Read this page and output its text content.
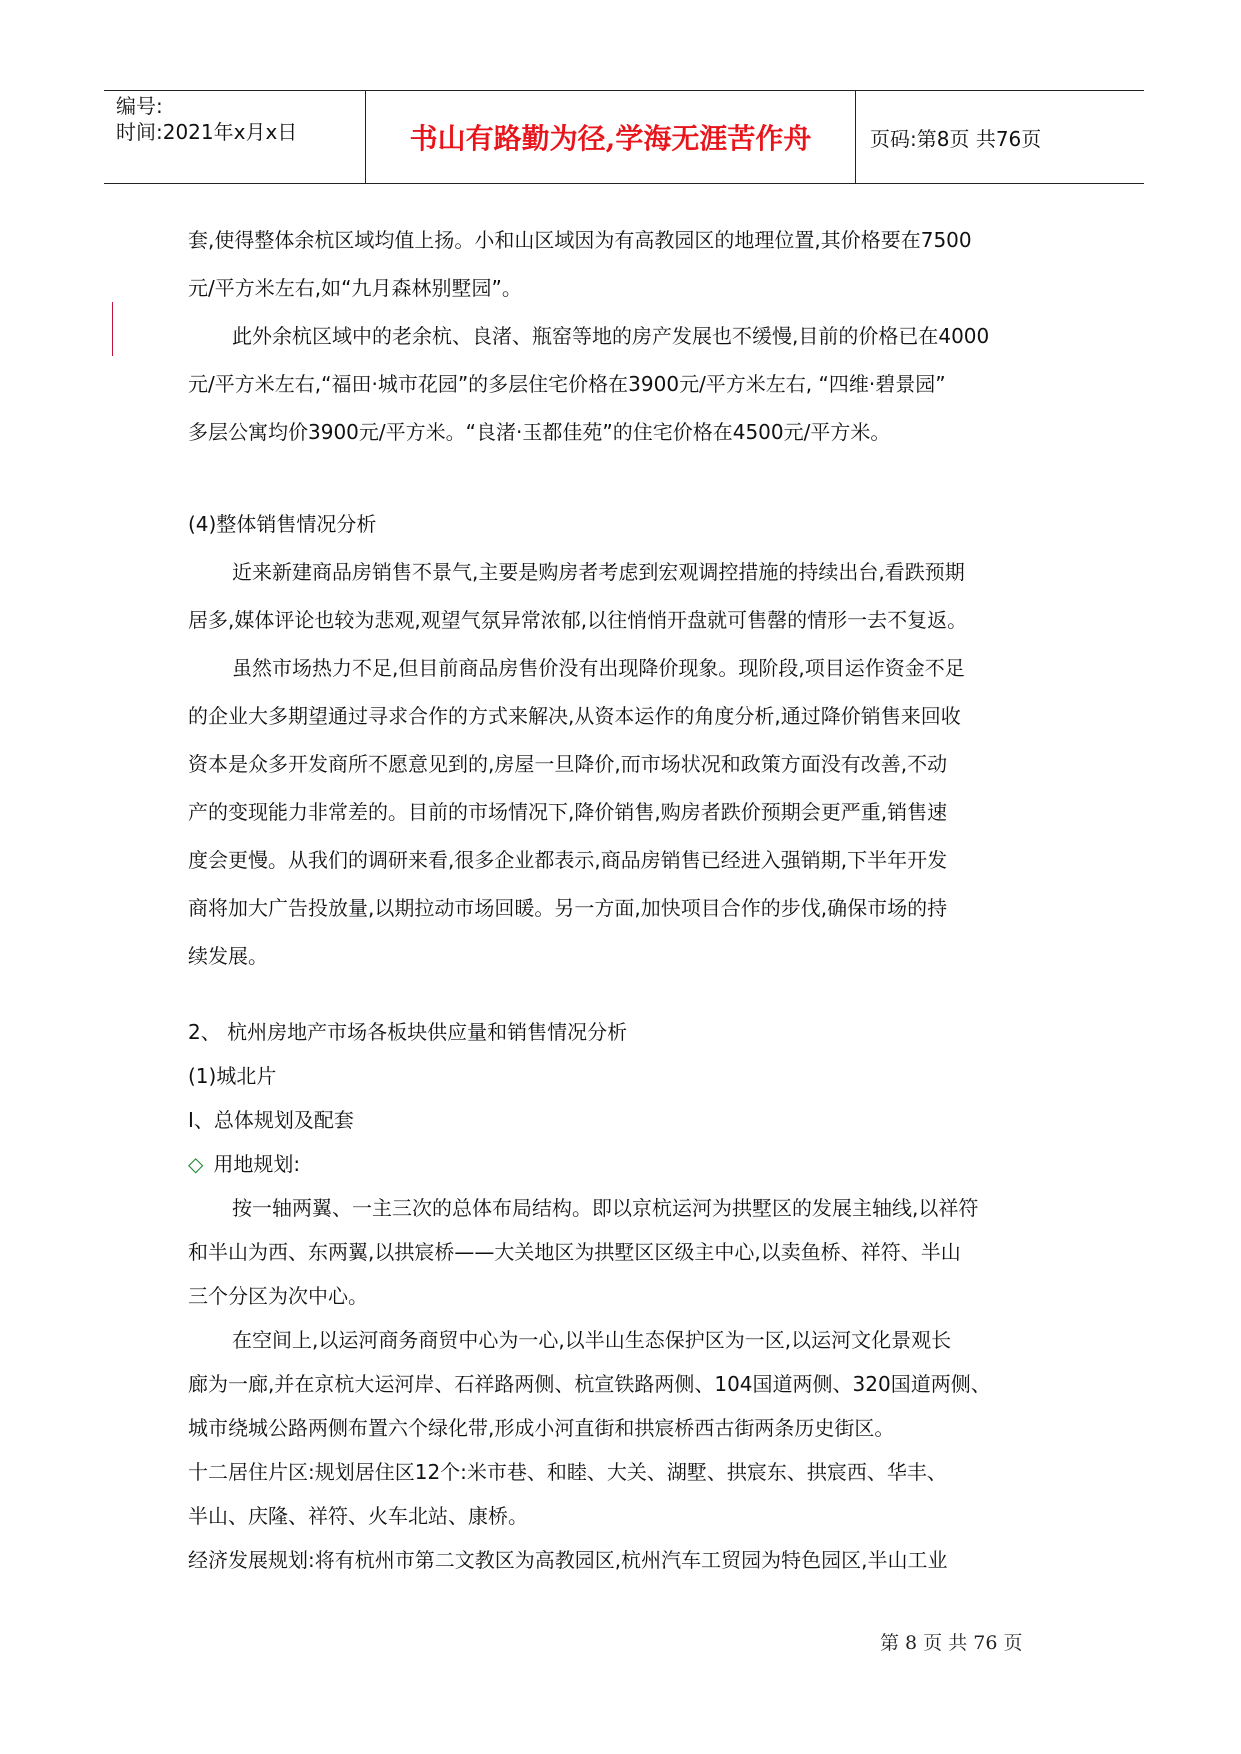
编号:
时间:2021年x月x日	书山有路勤为径,学海无涯苦作舟	页码:第8页 共76页

套,使得整体余杭区域均值上扬。小和山区域因为有高教园区的地理位置,其价格要在7500

元/平方米左右,如“九月森林别墅园”。

此外余杭区域中的老余杭、良渚、瓶窑等地的房产发展也不缓慢,目前的价格已在4000

元/平方米左右,“福田·城市花园”的多层住宅价格在3900元/平方米左右, “四维·碧景园”

多层公寓均价3900元/平方米。“良渚·玉都佳苑”的住宅价格在4500元/平方米。

(4)整体销售情况分析

近来新建商品房销售不景气,主要是购房者考虑到宏观调控措施的持续出台,看跌预期

居多,媒体评论也较为悲观,观望气氛异常浓郁,以往悄悄开盘就可售罄的情形一去不复返。

虽然市场热力不足,但目前商品房售价没有出现降价现象。现阶段,项目运作资金不足

的企业大多期望通过寻求合作的方式来解决,从资本运作的角度分析,通过降价销售来回收

资本是众多开发商所不愿意见到的,房屋一旦降价,而市场状况和政策方面没有改善,不动

产的变现能力非常差的。目前的市场情况下,降价销售,购房者跌价预期会更严重,销售速

度会更慢。从我们的调研来看,很多企业都表示,商品房销售已经进入强销期,下半年开发

商将加大广告投放量,以期拉动市场回暖。另一方面,加快项目合作的步伐,确保市场的持

续发展。

2、 杭州房地产市场各板块供应量和销售情况分析

(1)城北片

Ⅰ、总体规划及配套

◇ 用地规划:

按一轴两翼、一主三次的总体布局结构。即以京杭运河为拱墅区的发展主轴线,以祥符

和半山为西、东两翼,以拱宸桥——大关地区为拱墅区区级主中心,以卖鱼桥、祥符、半山

三个分区为次中心。

在空间上,以运河商务商贸中心为一心,以半山生态保护区为一区,以运河文化景观长

廊为一廊,并在京杭大运河岸、石祥路两侧、杭宣铁路两侧、104国道两侧、320国道两侧、

城市绕城公路两侧布置六个绿化带,形成小河直街和拱宸桥西古街两条历史街区。

十二居住片区:规划居住区12个:米市巷、和睦、大关、湖墅、拱宸东、拱宸西、华丰、

半山、庆隆、祥符、火车北站、康桥。

经济发展规划:将有杭州市第二文教区为高教园区,杭州汽车工贸园为特色园区,半山工业

第 8 页 共 76 页
